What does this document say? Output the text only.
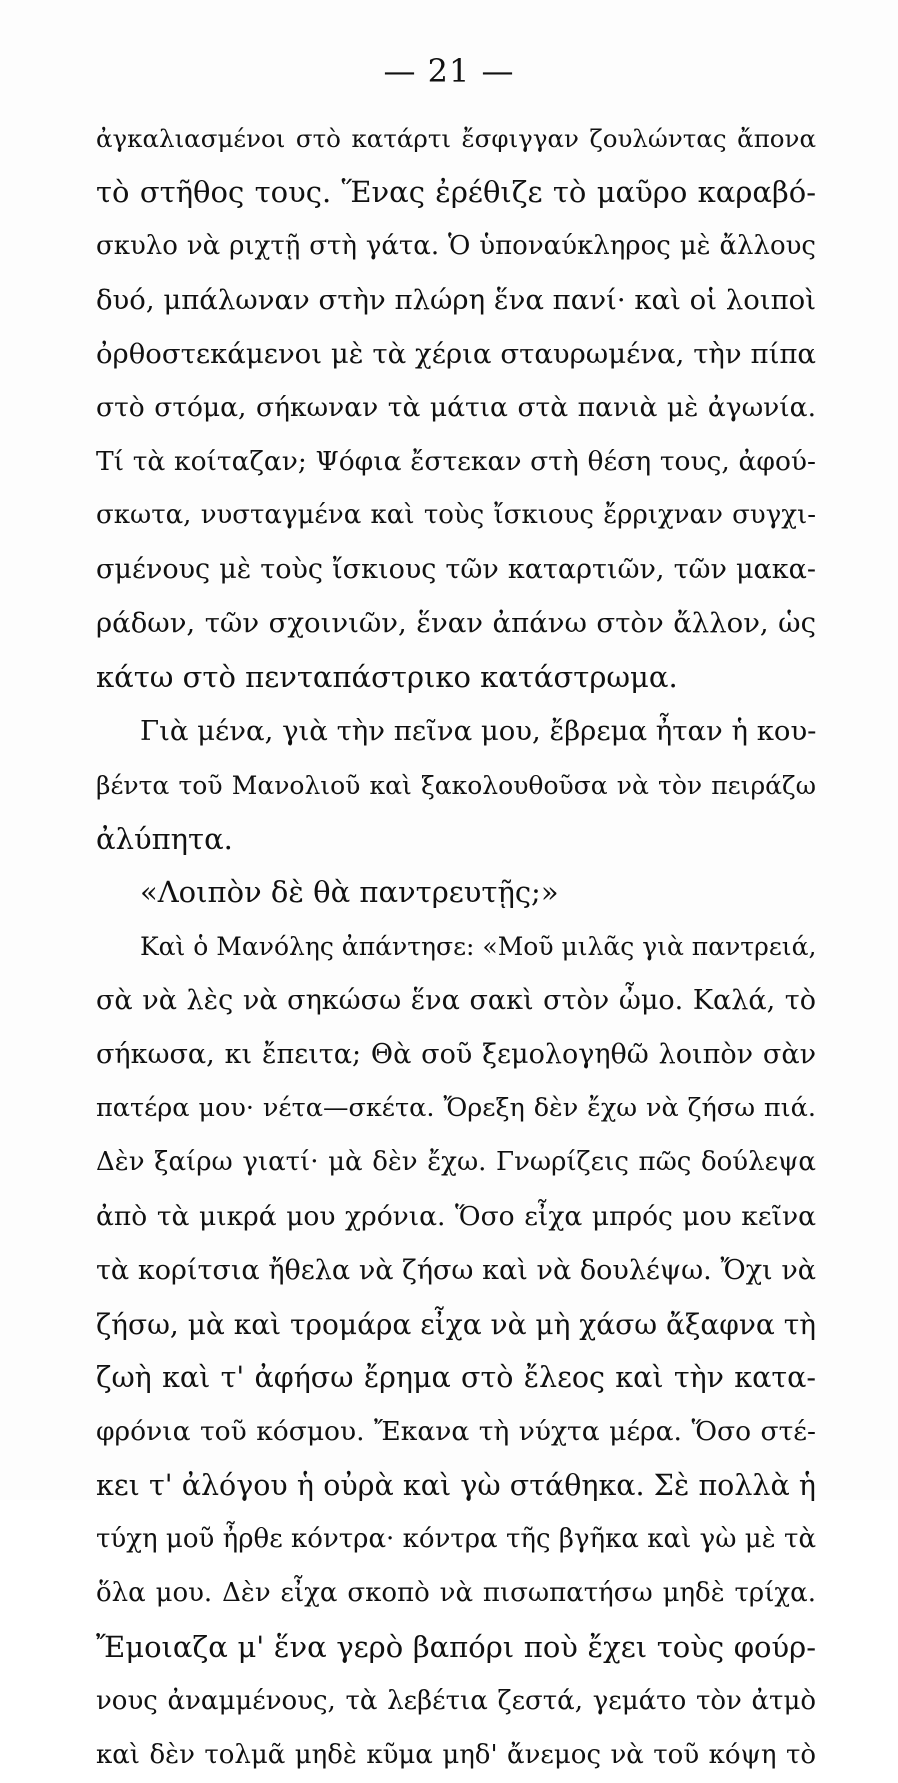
— 21 —
ἀγκαλιασμένοι στὸ κατάρτι ἔσφιγγαν ζουλώντας ἄπονα
τὸ στῆθος τους. Ἕνας ἐρέθιζε τὸ μαῦρο καραβό-
σκυλο νὰ ριχτῇ στὴ γάτα. Ὁ ὑποναύκληρος μὲ ἄλλους
δυό, μπάλωναν στὴν πλώρη ἕνα πανί· καὶ οἱ λοιποὶ
ὀρθοστεκάμενοι μὲ τὰ χέρια σταυρωμένα, τὴν πίπα
στὸ στόμα, σήκωναν τὰ μάτια στὰ πανιὰ μὲ ἀγωνία.
Τί τὰ κοίταζαν; Ψόφια ἔστεκαν στὴ θέση τους, ἀφού-
σκωτα, νυσταγμένα καὶ τοὺς ἴσκιους ἔρριχναν συγχι-
σμένους μὲ τοὺς ἴσκιους τῶν καταρτιῶν, τῶν μακα-
ράδων, τῶν σχοινιῶν, ἕναν ἀπάνω στὸν ἄλλον, ὡς
κάτω στὸ πενταπάστρικο κατάστρωμα.
Γιὰ μένα, γιὰ τὴν πεῖνα μου, ἔβρεμα ἦταν ἡ κου-
βέντα τοῦ Μανολιοῦ καὶ ξακολουθοῦσα νὰ τὸν πειράζω
ἀλύπητα.
«Λοιπὸν δὲ θὰ παντρευτῇς;»
Καὶ ὁ Μανόλης ἀπάντησε: «Μοῦ μιλᾶς γιὰ παντρειά,
σὰ νὰ λὲς νὰ σηκώσω ἕνα σακὶ στὸν ὦμο. Καλά, τὸ
σήκωσα, κι ἔπειτα; Θὰ σοῦ ξεμολογηθῶ λοιπὸν σὰν
πατέρα μου· νέτα—σκέτα. Ὄρεξη δὲν ἔχω νὰ ζήσω πιά.
Δὲν ξαίρω γιατί· μὰ δὲν ἔχω. Γνωρίζεις πῶς δούλεψα
ἀπὸ τὰ μικρά μου χρόνια. Ὅσο εἶχα μπρός μου κεῖνα
τὰ κορίτσια ἤθελα νὰ ζήσω καὶ νὰ δουλέψω. Ὄχι νὰ
ζήσω, μὰ καὶ τρομάρα εἶχα νὰ μὴ χάσω ἄξαφνα τὴ
ζωὴ καὶ τ' ἀφήσω ἔρημα στὸ ἔλεος καὶ τὴν κατα-
φρόνια τοῦ κόσμου. Ἔκανα τὴ νύχτα μέρα. Ὅσο στέ-
κει τ' ἀλόγου ἡ οὐρὰ καὶ γὼ στάθηκα. Σὲ πολλὰ ἡ
τύχη μοῦ ἦρθε κόντρα· κόντρα τῆς βγῆκα καὶ γὼ μὲ τὰ
ὅλα μου. Δὲν εἶχα σκοπὸ νὰ πισωπατήσω μηδὲ τρίχα.
Ἔμοιαζα μ' ἕνα γερὸ βαπόρι ποὺ ἔχει τοὺς φούρ-
νους ἀναμμένους, τὰ λεβέτια ζεστά, γεμάτο τὸν ἀτμὸ
καὶ δὲν τολμᾶ μηδὲ κῦμα μηδ' ἄνεμος νὰ τοῦ κόψη τὸ
